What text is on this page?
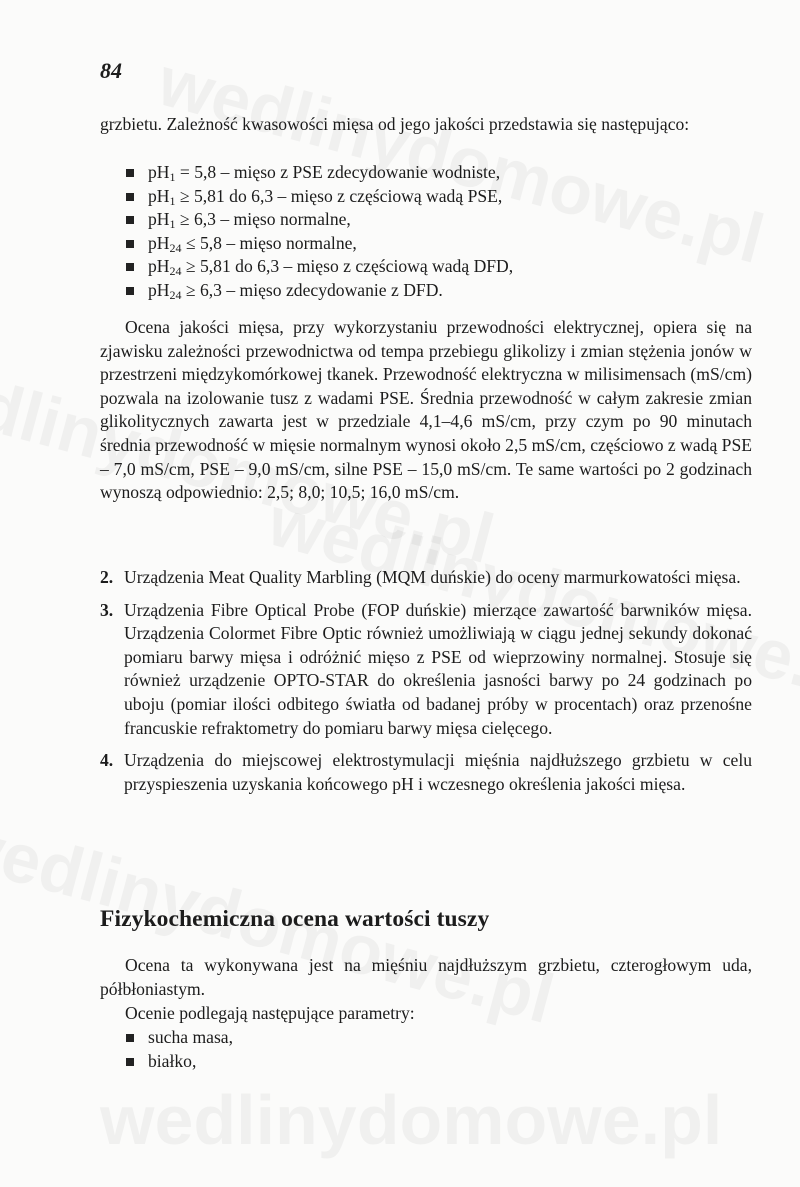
84

grzbietu. Zależność kwasowości mięsa od jego jakości przedstawia się następująco:

$pH_1 = 5,8$ – mięso z PSE zdecydowanie wodniste,
$pH_1 \ge 5,81$ do 6,3 – mięso z częściową wadą PSE,
$pH_1 \ge 6,3$ – mięso normalne,
$pH_{24} \le 5,8$ – mięso normalne,
$pH_{24} \ge 5,81$ do 6,3 – mięso z częściową wadą DFD,
$pH_{24} \ge 6,3$ – mięso zdecydowanie z DFD.

Ocena jakości mięsa, przy wykorzystaniu przewodności elektrycznej, opiera się na zjawisku zależności przewodnictwa od tempa przebiegu glikolizy i zmian stężenia jonów w przestrzeni międzykomórkowej tkanek. Przewodność elektryczna w milisimensach (mS/cm) pozwala na izolowanie tusz z wadami PSE. Średnia przewodność w całym zakresie zmian glikolitycznych zawarta jest w przedziale 4,1–4,6 mS/cm, przy czym po 90 minutach średnia przewodność w mięsie normalnym wynosi około 2,5 mS/cm, częściowo z wadą PSE – 7,0 mS/cm, PSE – 9,0 mS/cm, silne PSE – 15,0 mS/cm. Te same wartości po 2 godzinach wynoszą odpowiednio: 2,5; 8,0; 10,5; 16,0 mS/cm.

2. Urządzenia Meat Quality Marbling (MQM duńskie) do oceny marmurkowatości mięsa.
3. Urządzenia Fibre Optical Probe (FOP duńskie) mierzące zawartość barwników mięsa. Urządzenia Colormet Fibre Optic również umożliwiają w ciągu jednej sekundy dokonać pomiaru barwy mięsa i odróżnić mięso z PSE od wieprzowiny normalnej. Stosuje się również urządzenie OPTO-STAR do określenia jasności barwy po 24 godzinach po uboju (pomiar ilości odbitego światła od badanej próby w procentach) oraz przenośne francuskie refraktometry do pomiaru barwy mięsa cielęcego.
4. Urządzenia do miejscowej elektrostymulacji mięśnia najdłuższego grzbietu w celu przyspieszenia uzyskania końcowego pH i wczesnego określenia jakości mięsa.
Fizykochemiczna ocena wartości tuszy

Ocena ta wykonywana jest na mięśniu najdłuższym grzbietu, czterogłowym uda, półbłoniastym.

Ocenie podlegają następujące parametry:

sucha masa,
białko,
